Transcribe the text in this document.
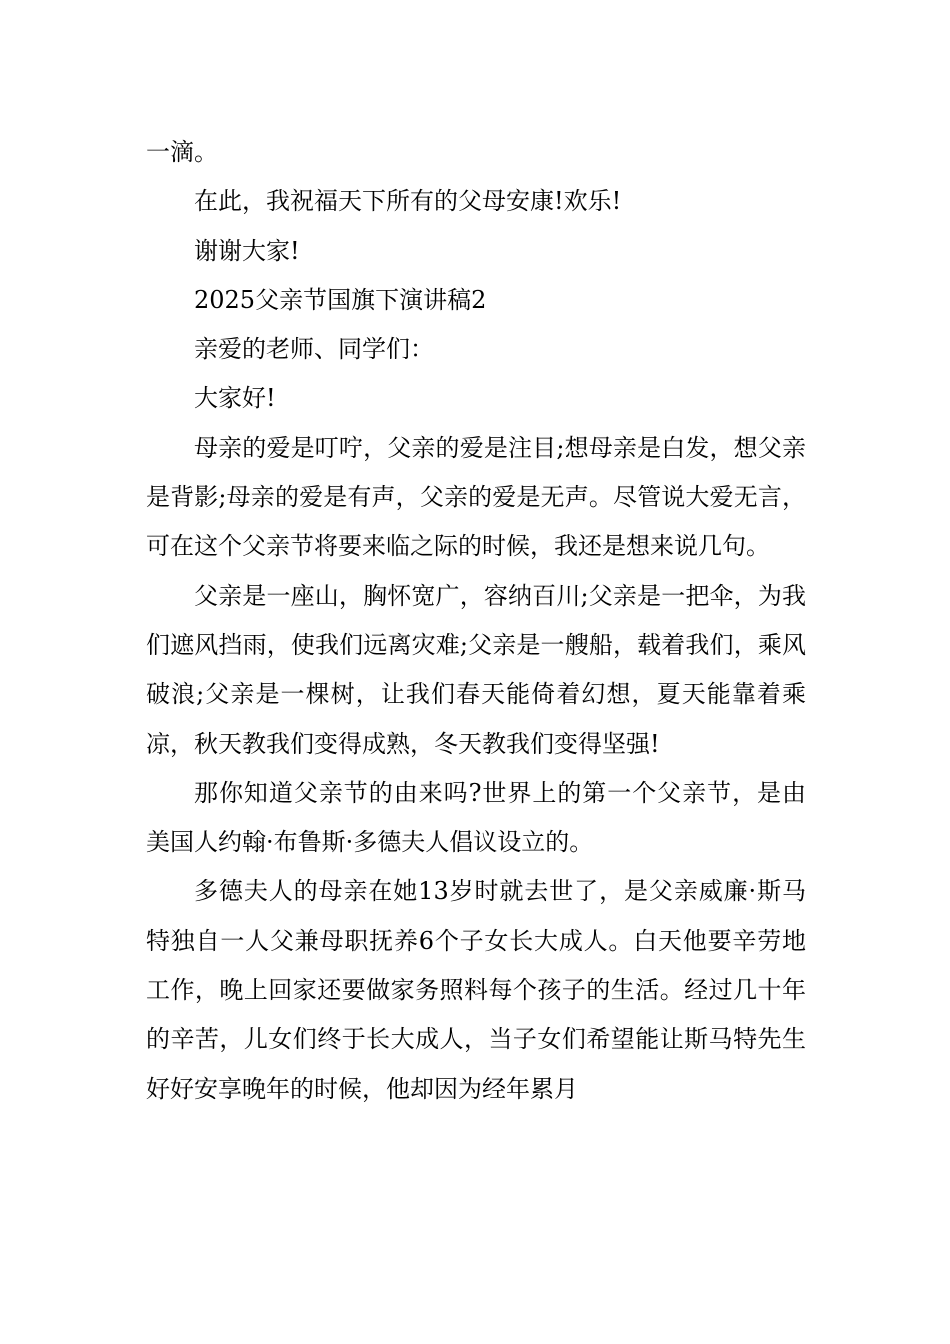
一滴。

在此，我祝福天下所有的父母安康!欢乐!

谢谢大家!

2025父亲节国旗下演讲稿2

亲爱的老师、同学们：

大家好!

母亲的爱是叮咛，父亲的爱是注目;想母亲是白发，想父亲是背影;母亲的爱是有声，父亲的爱是无声。尽管说大爱无言，可在这个父亲节将要来临之际的时候，我还是想来说几句。

父亲是一座山，胸怀宽广，容纳百川;父亲是一把伞，为我们遮风挡雨，使我们远离灾难;父亲是一艘船，载着我们，乘风破浪;父亲是一棵树，让我们春天能倚着幻想，夏天能靠着乘凉，秋天教我们变得成熟，冬天教我们变得坚强!

那你知道父亲节的由来吗?世界上的第一个父亲节，是由美国人约翰·布鲁斯·多德夫人倡议设立的。

多德夫人的母亲在她13岁时就去世了，是父亲威廉·斯马特独自一人父兼母职抚养6个子女长大成人。白天他要辛劳地工作，晚上回家还要做家务照料每个孩子的生活。经过几十年的辛苦，儿女们终于长大成人，当子女们希望能让斯马特先生好好安享晚年的时候，他却因为经年累月
